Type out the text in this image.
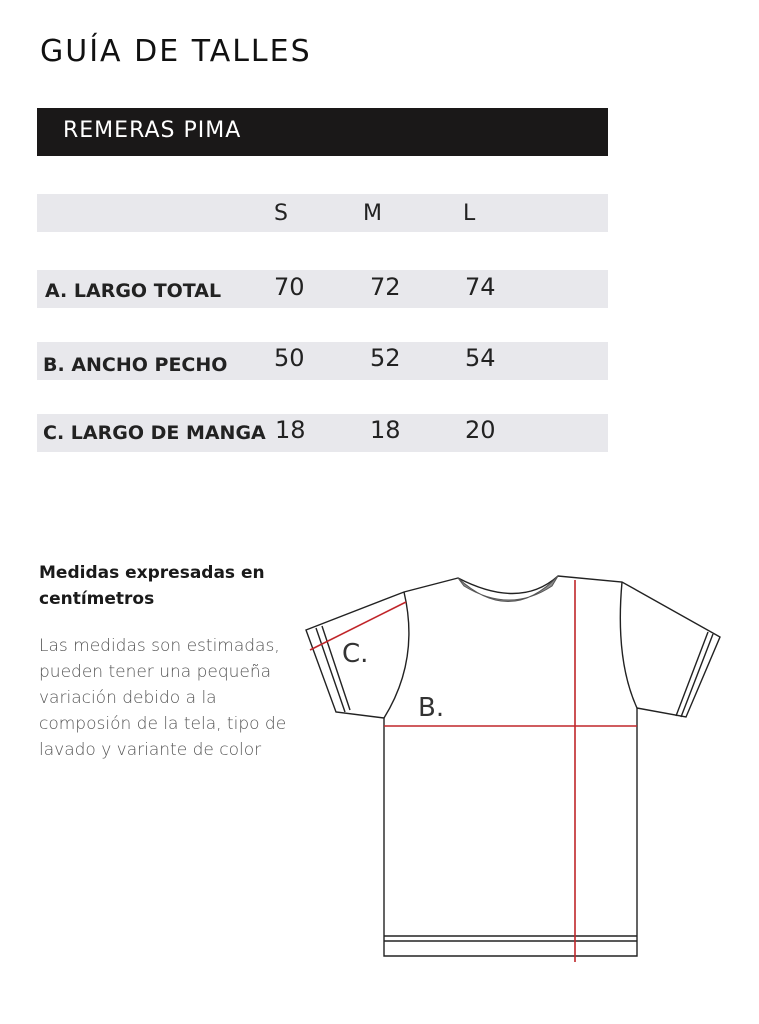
GUÍA DE TALLES
REMERAS PIMA
S	M	L
A. LARGO TOTAL 70	72	74
B. ANCHO PECHO 50	52	54
C. LARGO DE MANGA 18	18	20
Medidas expresadas en centímetros
Las medidas son estimadas, pueden tener una pequeña variación debido a la composión de la tela, tipo de lavado y variante de color
C.
B.
